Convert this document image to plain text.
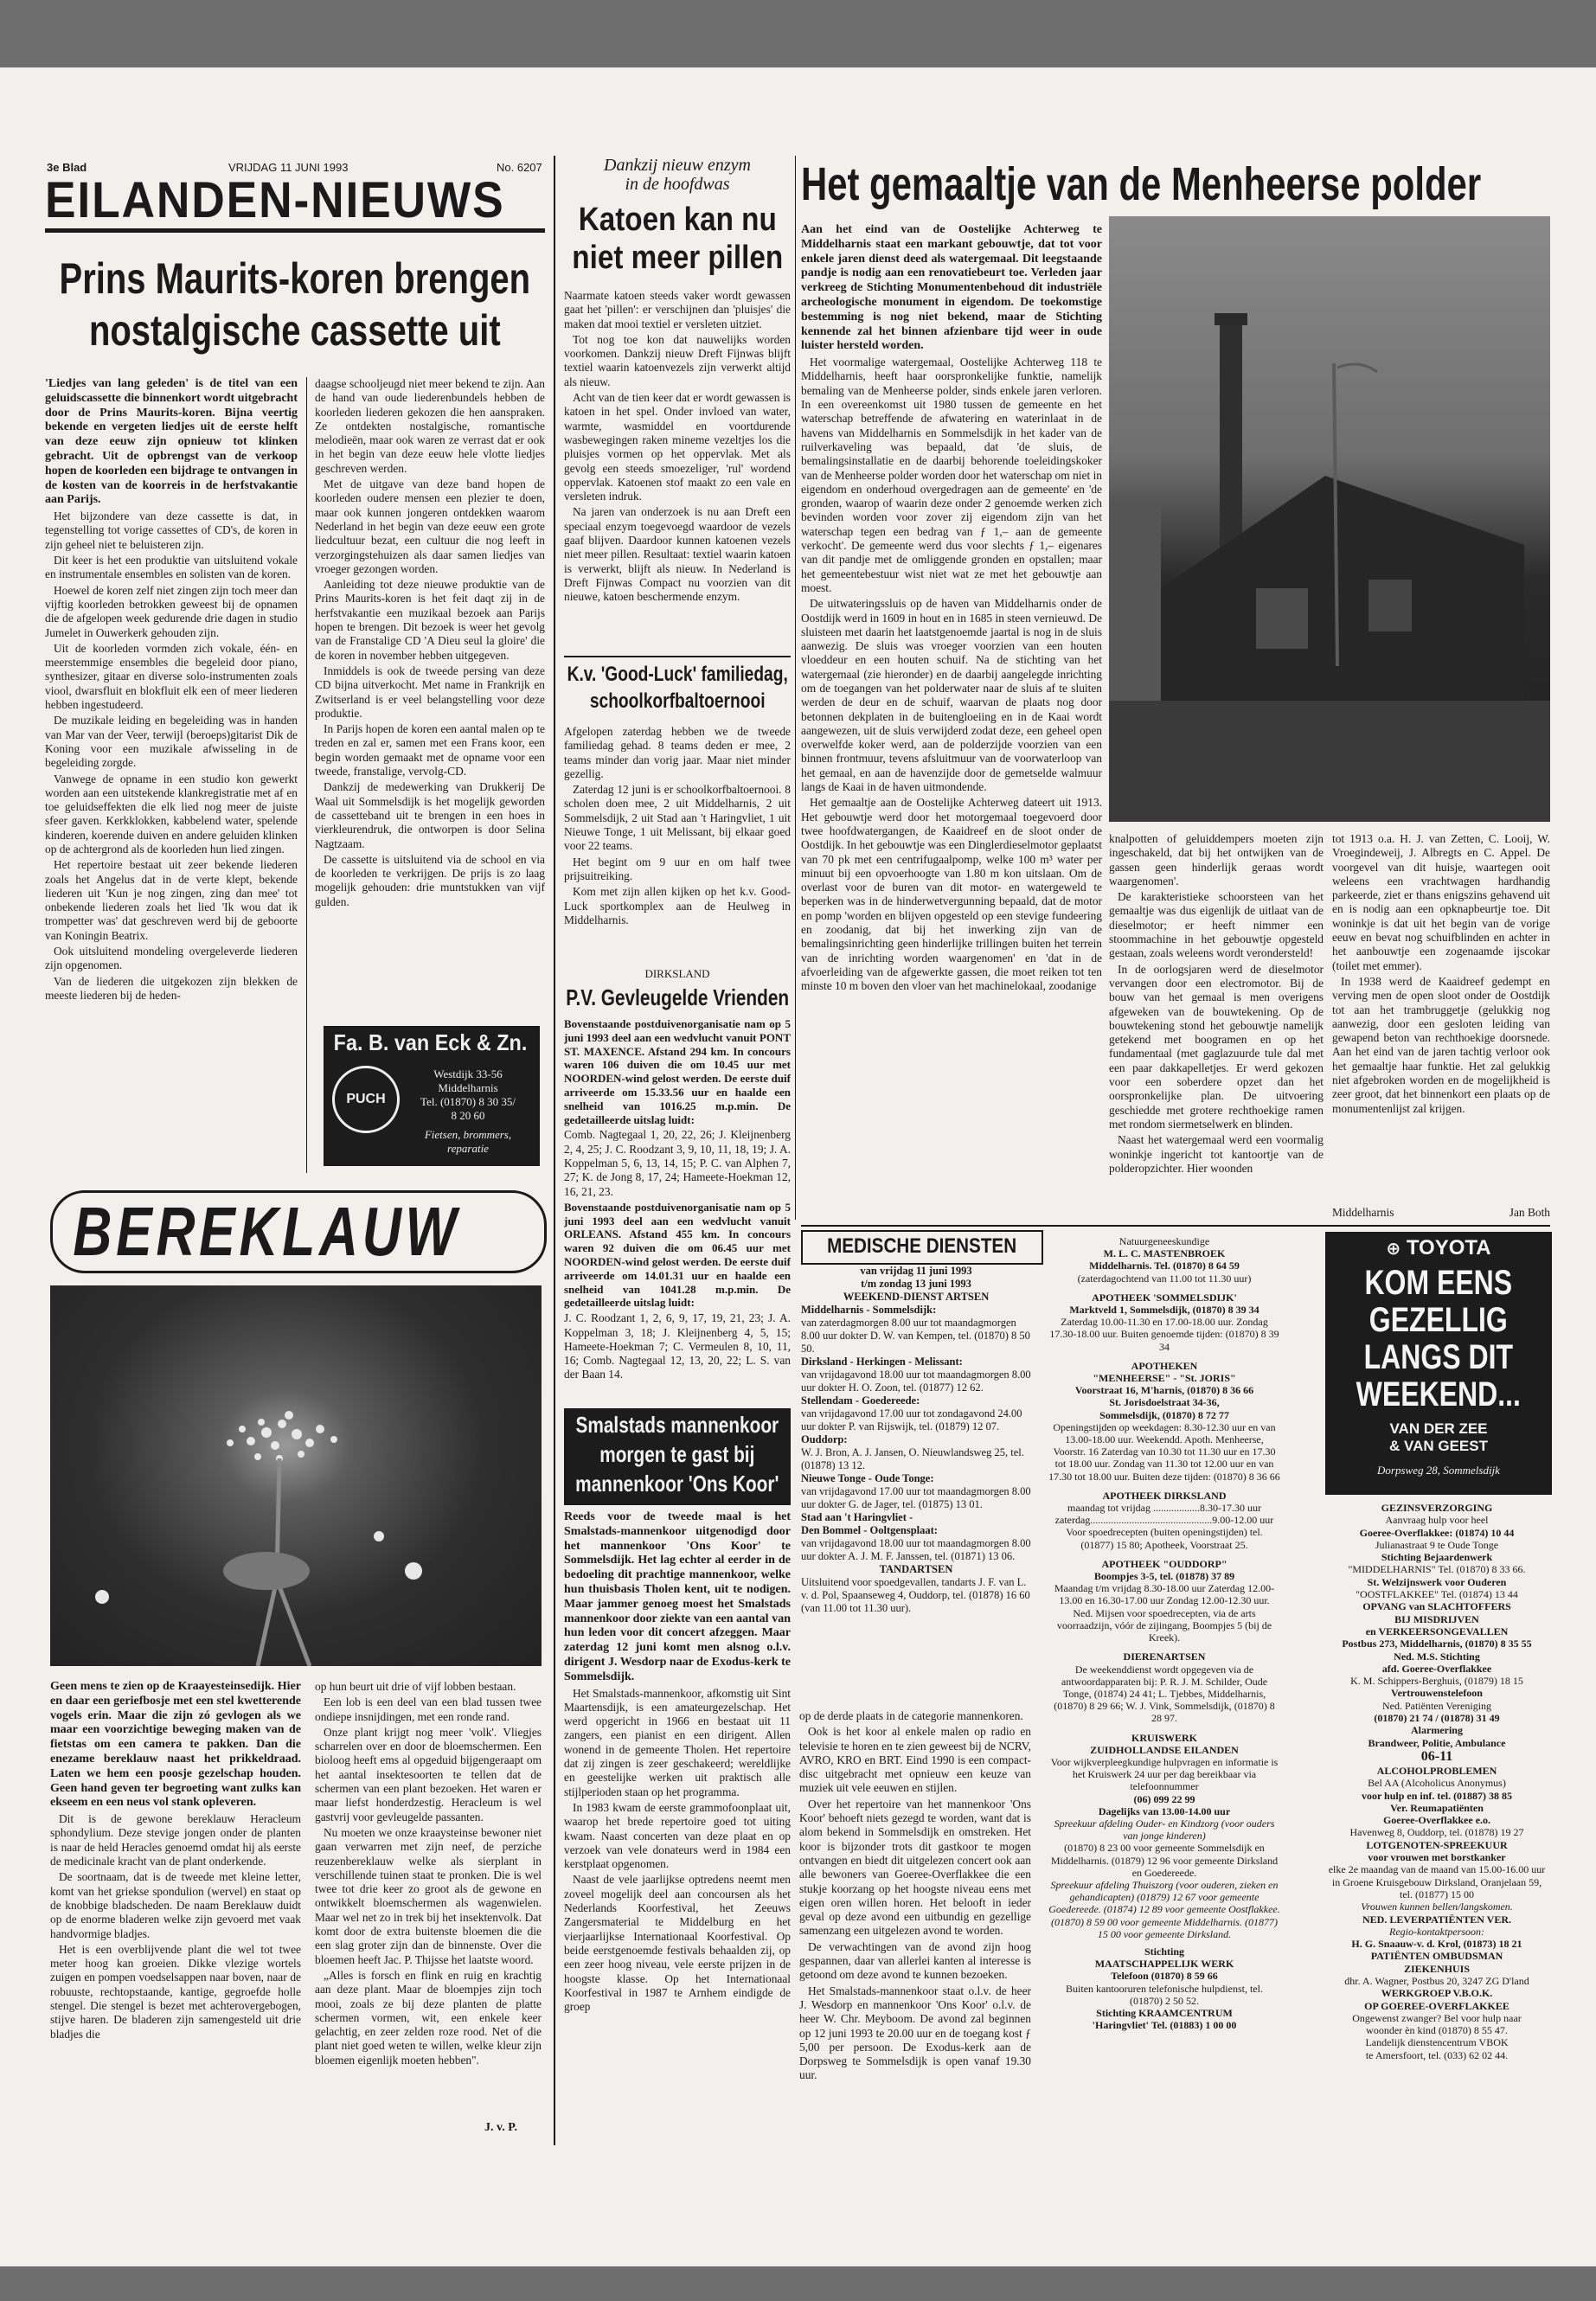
3e Blad	VRIJDAG 11 JUNI 1993	No. 6207
EILANDEN-NIEUWS
Prins Maurits-koren brengen
nostalgische cassette uit

'Liedjes van lang geleden' is de titel van een geluidscassette die binnenkort wordt uitgebracht door de Prins Maurits-koren. Bijna veertig bekende en vergeten liedjes uit de eerste helft van deze eeuw zijn opnieuw tot klinken gebracht. Uit de opbrengst van de verkoop hopen de koorleden een bijdrage te ontvangen in de kosten van de koorreis in de herfstvakantie aan Parijs.

Het bijzondere van deze cassette is dat, in tegenstelling tot vorige cassettes of CD's, de koren in zijn geheel niet te beluisteren zijn.

Dit keer is het een produktie van uitsluitend vokale en instrumentale ensembles en solisten van de koren.

Hoewel de koren zelf niet zingen zijn toch meer dan vijftig koorleden betrokken geweest bij de opnamen die de afgelopen week gedurende drie dagen in studio Jumelet in Ouwerkerk gehouden zijn.

Uit de koorleden vormden zich vokale, één- en meerstemmige ensembles die begeleid door piano, synthesizer, gitaar en diverse solo-instrumenten zoals viool, dwarsfluit en blokfluit elk een of meer liederen hebben ingestudeerd.

De muzikale leiding en begeleiding was in handen van Mar van der Veer, terwijl (beroeps)gitarist Dik de Koning voor een muzikale afwisseling in de begeleiding zorgde.

Vanwege de opname in een studio kon gewerkt worden aan een uitstekende klankregistratie met af en toe geluidseffekten die elk lied nog meer de juiste sfeer gaven. Kerkklokken, kabbelend water, spelende kinderen, koerende duiven en andere geluiden klinken op de achtergrond als de koorleden hun lied zingen.

Het repertoire bestaat uit zeer bekende liederen zoals het Angelus dat in de verte klept, bekende liederen uit 'Kun je nog zingen, zing dan mee' tot onbekende liederen zoals het lied 'Ik wou dat ik trompetter was' dat geschreven werd bij de geboorte van Koningin Beatrix.

Ook uitsluitend mondeling overgeleverde liederen zijn opgenomen.

Van de liederen die uitgekozen zijn blekken de meeste liederen bij de heden-

daagse schooljeugd niet meer bekend te zijn. Aan de hand van oude liederenbundels hebben de koorleden liederen gekozen die hen aanspraken. Ze ontdekten nostalgische, romantische melodieën, maar ook waren ze verrast dat er ook in het begin van deze eeuw hele vlotte liedjes geschreven werden.

Met de uitgave van deze band hopen de koorleden oudere mensen een plezier te doen, maar ook kunnen jongeren ontdekken waarom Nederland in het begin van deze eeuw een grote liedcultuur bezat, een cultuur die nog leeft in verzorgingstehuizen als daar samen liedjes van vroeger gezongen worden.

Aanleiding tot deze nieuwe produktie van de Prins Maurits-koren is het feit daqt zij in de herfstvakantie een muzikaal bezoek aan Parijs hopen te brengen. Dit bezoek is weer het gevolg van de Franstalige CD 'A Dieu seul la gloire' die de koren in november hebben uitgegeven.

Inmiddels is ook de tweede persing van deze CD bijna uitverkocht. Met name in Frankrijk en Zwitserland is er veel belangstelling voor deze produktie.

In Parijs hopen de koren een aantal malen op te treden en zal er, samen met een Frans koor, een begin worden gemaakt met de opname voor een tweede, franstalige, vervolg-CD.

Dankzij de medewerking van Drukkerij De Waal uit Sommelsdijk is het mogelijk geworden de cassetteband uit te brengen in een hoes in vierkleurendruk, die ontworpen is door Selina Nagtzaam.

De cassette is uitsluitend via de school en via de koorleden te verkrijgen. De prijs is zo laag mogelijk gehouden: drie muntstukken van vijf gulden.

Fa. B. van Eck & Zn.
PUCH
Westdijk 33-56
Middelharnis
Tel. (01870) 8 30 35/
8 20 60
Fietsen, brommers,
reparatie
BEREKLAUW

Geen mens te zien op de Kraayesteinsedijk. Hier en daar een geriefbosje met een stel kwetterende vogels erin. Maar die zijn zó gevlogen als we maar een voorzichtige beweging maken van de fietstas om een camera te pakken. Dan die enezame bereklauw naast het prikkeldraad. Laten we hem een poosje gezelschap houden. Geen hand geven ter begroeting want zulks kan ekseem en een neus vol stank opleveren.

Dit is de gewone bereklauw Heracleum sphondylium. Deze stevige jongen onder de planten is naar de held Heracles genoemd omdat hij als eerste de medicinale kracht van de plant onderkende.

De soortnaam, dat is de tweede met kleine letter, komt van het griekse spondulion (wervel) en staat op de knobbige bladscheden. De naam Bereklauw duidt op de enorme bladeren welke zijn gevoerd met vaak handvormige bladjes.

Het is een overblijvende plant die wel tot twee meter hoog kan groeien. Dikke vlezige wortels zuigen en pompen voedselsappen naar boven, naar de robuuste, rechtopstaande, kantige, gegroefde holle stengel. Die stengel is bezet met achterovergebogen, stijve haren. De bladeren zijn samengesteld uit drie bladjes die

op hun beurt uit drie of vijf lobben bestaan.

Een lob is een deel van een blad tussen twee ondiepe insnijdingen, met een ronde rand.

Onze plant krijgt nog meer 'volk'. Vliegjes scharrelen over en door de bloemschermen. Een bioloog heeft ems al opgeduid bijgengeraapt om het aantal insektesoorten te tellen dat de schermen van een plant bezoeken. Het waren er maar liefst honderdzestig. Heracleum is wel gastvrij voor gevleugelde passanten.

Nu moeten we onze kraaysteinse bewoner niet gaan verwarren met zijn neef, de perziche reuzenbereklauw welke als sierplant in verschillende tuinen staat te pronken. Die is wel twee tot drie keer zo groot als de gewone en ontwikkelt bloemschermen als wagenwielen. Maar wel net zo in trek bij het insektenvolk. Dat komt door de extra buitenste bloemen die die een slag groter zijn dan de binnenste. Over die bloemen heeft Jac. P. Thijsse het laatste woord.

„Alles is forsch en flink en ruig en krachtig aan deze plant. Maar de bloempjes zijn toch mooi, zoals ze bij deze planten de platte schermen vormen, wit, een enkele keer gelachtig, en zeer zelden roze rood. Net of die plant niet goed weten te willen, welke kleur zijn bloemen eigenlijk moeten hebben".

J. v. P.
Dankzij nieuw enzym
in de hoofdwas
Katoen kan nu
niet meer pillen

Naarmate katoen steeds vaker wordt gewassen gaat het 'pillen': er verschijnen dan 'pluisjes' die maken dat mooi textiel er versleten uitziet.

Tot nog toe kon dat nauwelijks worden voorkomen. Dankzij nieuw Dreft Fijnwas blijft textiel waarin katoenvezels zijn verwerkt altijd als nieuw.

Acht van de tien keer dat er wordt gewassen is katoen in het spel. Onder invloed van water, warmte, wasmiddel en voortdurende wasbewegingen raken mineme vezeltjes los die pluisjes vormen op het oppervlak. Met als gevolg een steeds smoezeliger, 'rul' wordend oppervlak. Katoenen stof maakt zo een vale en versleten indruk.

Na jaren van onderzoek is nu aan Dreft een speciaal enzym toegevoegd waardoor de vezels gaaf blijven. Daardoor kunnen katoenen vezels niet meer pillen. Resultaat: textiel waarin katoen is verwerkt, blijft als nieuw. In Nederland is Dreft Fijnwas Compact nu voorzien van dit nieuwe, katoen beschermende enzym.

K.v. 'Good-Luck' familiedag,
schoolkorfbaltoernooi

Afgelopen zaterdag hebben we de tweede familiedag gehad. 8 teams deden er mee, 2 teams minder dan vorig jaar. Maar niet minder gezellig.

Zaterdag 12 juni is er schoolkorfbaltoernooi. 8 scholen doen mee, 2 uit Middelharnis, 2 uit Sommelsdijk, 2 uit Stad aan 't Haringvliet, 1 uit Nieuwe Tonge, 1 uit Melissant, bij elkaar goed voor 22 teams.

Het begint om 9 uur en om half twee prijsuitreiking.

Kom met zijn allen kijken op het k.v. Good-Luck sportkomplex aan de Heulweg in Middelharnis.

DIRKSLAND
P.V. Gevleugelde Vrienden

Bovenstaande postduivenorganisatie nam op 5 juni 1993 deel aan een wedvlucht vanuit PONT ST. MAXENCE. Afstand 294 km. In concours waren 106 duiven die om 10.45 uur met NOORDEN-wind gelost werden. De eerste duif arriveerde om 15.33.56 uur en haalde een snelheid van 1016.25 m.p.min. De gedetailleerde uitslag luidt:

Comb. Nagtegaal 1, 20, 22, 26; J. Kleijnenberg 2, 4, 25; J. C. Roodzant 3, 9, 10, 11, 18, 19; J. A. Koppelman 5, 6, 13, 14, 15; P. C. van Alphen 7, 27; K. de Jong 8, 17, 24; Hameete-Hoekman 12, 16, 21, 23.

Bovenstaande postduivenorganisatie nam op 5 juni 1993 deel aan een wedvlucht vanuit ORLEANS. Afstand 455 km. In concours waren 92 duiven die om 06.45 uur met NOORDEN-wind gelost werden. De eerste duif arriveerde om 14.01.31 uur en haalde een snelheid van 1041.28 m.p.min. De gedetailleerde uitslag luidt:

J. C. Roodzant 1, 2, 6, 9, 17, 19, 21, 23; J. A. Koppelman 3, 18; J. Kleijnenberg 4, 5, 15; Hameete-Hoekman 7; C. Vermeulen 8, 10, 11, 16; Comb. Nagtegaal 12, 13, 20, 22; L. S. van der Baan 14.

Smalstads mannenkoor
morgen te gast bij
mannenkoor 'Ons Koor'

Reeds voor de tweede maal is het Smalstads-mannenkoor uitgenodigd door het mannenkoor 'Ons Koor' te Sommelsdijk. Het lag echter al eerder in de bedoeling dit prachtige mannenkoor, welke hun thuisbasis Tholen kent, uit te nodigen. Maar jammer genoeg moest het Smalstads mannenkoor door ziekte van een aantal van hun leden voor dit concert afzeggen. Maar zaterdag 12 juni komt men alsnog o.l.v. dirigent J. Wesdorp naar de Exodus-kerk te Sommelsdijk.

Het Smalstads-mannenkoor, afkomstig uit Sint Maartensdijk, is een amateurgezelschap. Het werd opgericht in 1966 en bestaat uit 11 zangers, een pianist en een dirigent. Allen wonend in de gemeente Tholen. Het repertoire dat zij zingen is zeer geschakeerd; wereldlijke en geestelijke werken uit praktisch alle stijlperioden staan op het programma.

In 1983 kwam de eerste grammofoonplaat uit, waarop het brede repertoire goed tot uiting kwam. Naast concerten van deze plaat en op verzoek van vele donateurs werd in 1984 een kerstplaat opgenomen.

Naast de vele jaarlijkse optredens neemt men zoveel mogelijk deel aan concoursen als het Nederlands Koorfestival, het Zeeuws Zangersmaterial te Middelburg en het vierjaarlijkse Internationaal Koorfestival. Op beide eerstgenoemde festivals behaalden zij, op een zeer hoog niveau, vele eerste prijzen in de hoogste klasse. Op het Internationaal Koorfestival in 1987 te Arnhem eindigde de groep

op de derde plaats in de categorie mannenkoren.

Ook is het koor al enkele malen op radio en televisie te horen en te zien geweest bij de NCRV, AVRO, KRO en BRT. Eind 1990 is een compact-disc uitgebracht met opnieuw een keuze van muziek uit vele eeuwen en stijlen.

Over het repertoire van het mannenkoor 'Ons Koor' behoeft niets gezegd te worden, want dat is alom bekend in Sommelsdijk en omstreken. Het koor is bijzonder trots dit gastkoor te mogen ontvangen en biedt dit uitgelezen concert ook aan alle bewoners van Goeree-Overflakkee die een stukje koorzang op het hoogste niveau eens met eigen oren willen horen. Het belooft in ieder geval op deze avond een uitbundig en gezellige samenzang een uitgelezen avond te worden.

De verwachtingen van de avond zijn hoog gespannen, daar van allerlei kanten al interesse is getoond om deze avond te kunnen bezoeken.

Het Smalstads-mannenkoor staat o.l.v. de heer J. Wesdorp en mannenkoor 'Ons Koor' o.l.v. de heer W. Chr. Meyboom. De avond zal beginnen op 12 juni 1993 te 20.00 uur en de toegang kost ƒ 5,00 per persoon. De Exodus-kerk aan de Dorpsweg te Sommelsdijk is open vanaf 19.30 uur.

Het gemaaltje van de Menheerse polder

Aan het eind van de Oostelijke Achterweg te Middelharnis staat een markant gebouwtje, dat tot voor enkele jaren dienst deed als watergemaal. Dit leegstaande pandje is nodig aan een renovatiebeurt toe. Verleden jaar verkreeg de Stichting Monumentenbehoud dit industriële archeologische monument in eigendom. De toekomstige bestemming is nog niet bekend, maar de Stichting kennende zal het binnen afzienbare tijd weer in oude luister hersteld worden.

Het voormalige watergemaal, Oostelijke Achterweg 118 te Middelharnis, heeft haar oorspronkelijke funktie, namelijk bemaling van de Menheerse polder, sinds enkele jaren verloren. In een overeenkomst uit 1980 tussen de gemeente en het waterschap betreffende de afwatering en waterinlaat in de havens van Middelharnis en Sommelsdijk in het kader van de ruilverkaveling was bepaald, dat 'de sluis, de bemalingsinstallatie en de daarbij behorende toeleidingskoker van de Menheerse polder worden door het waterschap om niet in eigendom en onderhoud overgedragen aan de gemeente' en 'de gronden, waarop of waarin deze onder 2 genoemde werken zich bevinden worden voor zover zij eigendom zijn van het waterschap tegen een bedrag van ƒ 1,– aan de gemeente verkocht'. De gemeente werd dus voor slechts ƒ 1,– eigenares van dit pandje met de omliggende gronden en opstallen; maar het gemeentebestuur wist niet wat ze met het gebouwtje aan moest.

De uitwateringssluis op de haven van Middelharnis onder de Oostdijk werd in 1609 in hout en in 1685 in steen vernieuwd. De sluisteen met daarin het laatstgenoemde jaartal is nog in de sluis aanwezig. De sluis was vroeger voorzien van een houten vloeddeur en een houten schuif. Na de stichting van het watergemaal (zie hieronder) en de daarbij aangelegde inrichting om de toegangen van het polderwater naar de sluis af te sluiten werden de deur en de schuif, waarvan de plaats nog door betonnen dekplaten in de buitengloeiing en in de Kaai wordt aangewezen, uit de sluis verwijderd zodat deze, een geheel open overwelfde koker werd, aan de polderzijde voorzien van een binnen frontmuur, tevens afsluitmuur van de voorwaterloop van het gemaal, en aan de havenzijde door de gemetselde walmuur langs de Kaai in de haven uitmondende.

Het gemaaltje aan de Oostelijke Achterweg dateert uit 1913. Het gebouwtje werd door het motorgemaal toegevoerd door twee hoofdwatergangen, de Kaaidreef en de sloot onder de Oostdijk. In het gebouwtje was een Dinglerdieselmotor geplaatst van 70 pk met een centrifugaalpomp, welke 100 m³ water per minuut bij een opvoerhoogte van 1.80 m kon uitslaan. Om de overlast voor de buren van dit motor- en watergeweld te beperken was in de hinderwetvergunning bepaald, dat de motor en pomp 'worden en blijven opgesteld op een stevige fundeering en zoodanig, dat bij het inwerking zijn van de bemalingsinrichting geen hinderlijke trillingen buiten het terrein van de inrichting worden waargenomen' en 'dat in de afvoerleiding van de afgewerkte gassen, die moet reiken tot ten minste 10 m boven den vloer van het machinelokaal, zoodanige

knalpotten of geluiddempers moeten zijn ingeschakeld, dat bij het ontwijken van de gassen geen hinderlijk geraas wordt waargenomen'.

De karakteristieke schoorsteen van het gemaaltje was dus eigenlijk de uitlaat van de dieselmotor; er heeft nimmer een stoommachine in het gebouwtje opgesteld gestaan, zoals weleens wordt verondersteld!

In de oorlogsjaren werd de dieselmotor vervangen door een electromotor. Bij de bouw van het gemaal is men overigens afgeweken van de bouwtekening. Op de bouwtekening stond het gebouwtje namelijk getekend met boogramen en op het fundamentaal (met gaglazuurde tule dal met een paar dakkapelletjes. Er werd gekozen voor een soberdere opzet dan het oorspronkelijke plan. De uitvoering geschiedde met grotere rechthoekige ramen met rondom siermetselwerk en blinden.

Naast het watergemaal werd een voormalig woninkje ingericht tot kantoortje van de polderopzichter. Hier woonden

tot 1913 o.a. H. J. van Zetten, C. Looij, W. Vroegindeweij, J. Albregts en C. Appel. De voorgevel van dit huisje, waartegen ooit weleens een vrachtwagen hardhandig parkeerde, ziet er thans enigszins gehavend uit en is nodig aan een opknapbeurtje toe. Dit woninkje is dat uit het begin van de vorige eeuw en bevat nog schuifblinden en achter in het aanbouwtje een zogenaamde ijscokar (toilet met emmer).

In 1938 werd de Kaaidreef gedempt en verving men de open sloot onder de Oostdijk tot aan het trambruggetje (gelukkig nog aanwezig, door een gesloten leiding van gewapend beton van rechthoekige doorsnede. Aan het eind van de jaren tachtig verloor ook het gemaaltje haar funktie. Het zal gelukkig niet afgebroken worden en de mogelijkheid is zeer groot, dat het binnenkort een plaats op de monumentenlijst zal krijgen.

Middelharnis	Jan Both
MEDISCHE DIENSTEN
van vrijdag 11 juni 1993
t/m zondag 13 juni 1993
WEEKEND-DIENST ARTSEN
Middelharnis - Sommelsdijk:
van zaterdagmorgen 8.00 uur tot maandagmorgen 8.00 uur dokter D. W. van Kempen, tel. (01870) 8 50 50.
Dirksland - Herkingen - Melissant:
van vrijdagavond 18.00 uur tot maandagmorgen 8.00 uur dokter H. O. Zoon, tel. (01877) 12 62.
Stellendam - Goedereede:
van vrijdagavond 17.00 uur tot zondagavond 24.00 uur dokter P. van Rijswijk, tel. (01879) 12 07.
Ouddorp:
W. J. Bron, A. J. Jansen, O. Nieuwlandsweg 25, tel. (01878) 13 12.
Nieuwe Tonge - Oude Tonge:
van vrijdagavond 17.00 uur tot maandagmorgen 8.00 uur dokter G. de Jager, tel. (01875) 13 01.
Stad aan 't Haringvliet -
Den Bommel - Ooltgensplaat:
van vrijdagavond 18.00 uur tot maandagmorgen 8.00 uur dokter A. J. M. F. Janssen, tel. (01871) 13 06.
TANDARTSEN
Uitsluitend voor spoedgevallen, tandarts J. F. van L. v. d. Pol, Spaanseweg 4, Ouddorp, tel. (01878) 16 60 (van 11.00 tot 11.30 uur).
Natuurgeneeskundige
M. L. C. MASTENBROEK
Middelharnis. Tel. (01870) 8 64 59
(zaterdagochtend van 11.00 tot 11.30 uur)
APOTHEEK 'SOMMELSDIJK'
Marktveld 1, Sommelsdijk, (01870) 8 39 34
Zaterdag 10.00-11.30 en 17.00-18.00 uur. Zondag 17.30-18.00 uur. Buiten genoemde tijden: (01870) 8 39 34
APOTHEKEN
"MENHEERSE" - "St. JORIS"
Voorstraat 16, M'harnis, (01870) 8 36 66
St. Jorisdoelstraat 34-36,
Sommelsdijk, (01870) 8 72 77
Openingstijden op weekdagen: 8.30-12.30 uur en van 13.00-18.00 uur. Weekendd. Apoth. Menheerse, Voorstr. 16 Zaterdag van 10.30 tot 11.30 uur en 17.30 tot 18.00 uur. Zondag van 11.30 tot 12.00 uur en van 17.30 tot 18.00 uur. Buiten deze tijden: (01870) 8 36 66
APOTHEEK DIRKSLAND
maandag tot vrijdag ..................8.30-17.30 uur zaterdag...............................................9.00-12.00 uur Voor spoedrecepten (buiten openingstijden) tel. (01877) 15 80; Apotheek, Voorstraat 25.
APOTHEEK "OUDDORP"
Boompjes 3-5, tel. (01878) 37 89
Maandag t/m vrijdag 8.30-18.00 uur Zaterdag 12.00-13.00 en 16.30-17.00 uur Zondag 12.00-12.30 uur. Ned. Mijsen voor spoedrecepten, via de arts voorraadzijn, vóór de zijingang, Boompjes 5 (bij de Kreek).
DIERENARTSEN
De weekenddienst wordt opgegeven via de antwoordapparaten bij: P. R. J. M. Schilder, Oude Tonge, (01874) 24 41; L. Tjebbes, Middelharnis, (01870) 8 29 66; W. J. Vink, Sommelsdijk, (01870) 8 28 97.
KRUISWERK
ZUIDHOLLANDSE EILANDEN
Voor wijkverpleegkundige hulpvragen en informatie is het Kruiswerk 24 uur per dag bereikbaar via telefoonnummer
(06) 099 22 99
Dagelijks van 13.00-14.00 uur
Spreekuur afdeling Ouder- en Kindzorg (voor ouders van jonge kinderen)
(01870) 8 23 00 voor gemeente Sommelsdijk en Middelharnis. (01879) 12 96 voor gemeente Dirksland en Goedereede.
Spreekuur afdeling Thuiszorg (voor ouderen, zieken en gehandicapten) (01879) 12 67 voor gemeente Goedereede. (01874) 12 89 voor gemeente Oostflakkee. (01870) 8 59 00 voor gemeente Middelharnis. (01877) 15 00 voor gemeente Dirksland.
Stichting
MAATSCHAPPELIJK WERK
Telefoon (01870) 8 59 66
Buiten kantooruren telefonische hulpdienst, tel. (01870) 2 50 52.
Stichting KRAAMCENTRUM
'Haringvliet' Tel. (01883) 1 00 00
⊕ TOYOTA
KOM EENS
GEZELLIG
LANGS DIT
WEEKEND...
VAN DER ZEE
& VAN GEEST
Dorpsweg 28, Sommelsdijk
GEZINSVERZORGING
Aanvraag hulp voor heel
Goeree-Overflakkee: (01874) 10 44
Julianastraat 9 te Oude Tonge
Stichting Bejaardenwerk
"MIDDELHARNIS" Tel. (01870) 8 33 66.
St. Welzijnswerk voor Ouderen
"OOSTFLAKKEE" Tel. (01874) 13 44
OPVANG van SLACHTOFFERS
BIJ MISDRIJVEN
en VERKEERSONGEVALLEN
Postbus 273, Middelharnis, (01870) 8 35 55
Ned. M.S. Stichting
afd. Goeree-Overflakkee
K. M. Schippers-Berghuis, (01879) 18 15
Vertrouwenstelefoon
Ned. Patiënten Vereniging
(01870) 21 74 / (01878) 31 49
Alarmering
Brandweer, Politie, Ambulance
06-11
ALCOHOLPROBLEMEN
Bel AA (Alcoholicus Anonymus)
voor hulp en inf. tel. (01887) 38 85
Ver. Reumapatiënten
Goeree-Overflakkee e.o.
Havenweg 8, Ouddorp, tel. (01878) 19 27
LOTGENOTEN-SPREEKUUR
voor vrouwen met borstkanker
elke 2e maandag van de maand van 15.00-16.00 uur in Groene Kruisgebouw Dirksland, Oranjelaan 59, tel. (01877) 15 00
Vrouwen kunnen bellen/langskomen.
NED. LEVERPATIËNTEN VER.
Regio-kontaktpersoon:
H. G. Snaauw-v. d. Krol, (01873) 18 21
PATIËNTEN OMBUDSMAN
ZIEKENHUIS
dhr. A. Wagner, Postbus 20, 3247 ZG D'land
WERKGROEP V.B.O.K.
OP GOEREE-OVERFLAKKEE
Ongewenst zwanger? Bel voor hulp naar
woonder èn kind (01870) 8 55 47.
Landelijk dienstencentrum VBOK
te Amersfoort, tel. (033) 62 02 44.
